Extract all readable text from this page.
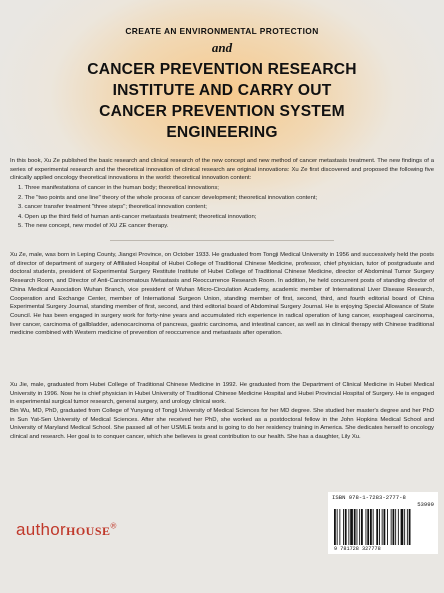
CREATE AN ENVIRONMENTAL PROTECTION
and
CANCER PREVENTION RESEARCH
INSTITUTE AND CARRY OUT
CANCER PREVENTION SYSTEM
ENGINEERING

In this book, Xu Ze published the basic research and clinical research of the new concept and new method of cancer metastasis treatment. The new findings of a series of experimental research and the theoretical innovation of clinical research are original innovations: Xu Ze first discovered and proposed the following five clinically applied oncology theoretical innovations in the world: theoretical innovation content:

1. Three manifestations of cancer in the human body; theoretical innovations;
2. The "two points and one line" theory of the whole process of cancer development; theoretical innovation content;
3. cancer transfer treatment "three steps"; theoretical innovation content;
4. Open up the third field of human anti-cancer metastasis treatment; theoretical innovation;
5. The new concept, new model of XU ZE cancer therapy.

Xu Ze, male, was born in Leping County, Jiangxi Province, on October 1933. He graduated from Tongji Medical University in 1956 and successively held the posts of director of department of surgery of Affiliated Hospital of Hubei College of Traditional Chinese Medicine, professor, chief physician, tutor of postgraduate and doctoral students, president of Experimental Surgery Restitute Institute of Hubei College of Traditional Chinese Medicine, director of Abdominal Tumor Surgery Research Room, and Director of Anti-Carcinomatous Metastasis and Reoccurrence Research Room. In addition, he held concurrent posts of standing director of China Medical Association Wuhan Branch, vice president of Wuhan Micro-Circulation Academy, academic member of International Liver Disease Research, Cooperation and Exchange Center, member of International Surgeon Union, standing member of first, second, third, and fourth editorial board of China Experimental Surgery Journal, standing member of first, second, and third editorial board of Abdominal Surgery Journal. He is enjoying Special Allowance of State Council. He has been engaged in surgery work for forty-nine years and accumulated rich experience in radical operation of lung cancer, esophageal carcinoma, liver cancer, carcinoma of gallbladder, adenocarcinoma of pancreas, gastric carcinoma, and intestinal cancer, as well as in clinical therapy with Chinese traditional medicine combined with Western medicine of prevention of reoccurrence and metastasis after operation.

Xu Jie, male, graduated from Hubei College of Traditional Chinese Medicine in 1992. He graduated from the Department of Clinical Medicine in Hubei Medical University in 1996. Now he is chief physician in Hubei University of Traditional Chinese Medicine Hospital and Hubei Provincial Hospital of Surgery. He is engaged in experimental surgical tumor research, general surgery, and urology clinical work.

Bin Wu, MD, PhD, graduated from College of Yunyang of Tongji University of Medical Sciences for her MD degree. She studied her master's degree and her PhD in Sun Yat-Sen University of Medical Sciences. After she received her PhD, she worked as a postdoctoral fellow in the John Hopkins Medical School and University of Maryland Medical School. She passed all of her USMLE tests and is going to do her residency training in America. She dedicates herself to oncology clinical and research. Her goal is to conquer cancer, which she believes is great contribution to our health. She has a daughter, Lily Xu.

authorHOUSE®
ISBN 978-1-7283-2777-8
53999
9 781728 327778
